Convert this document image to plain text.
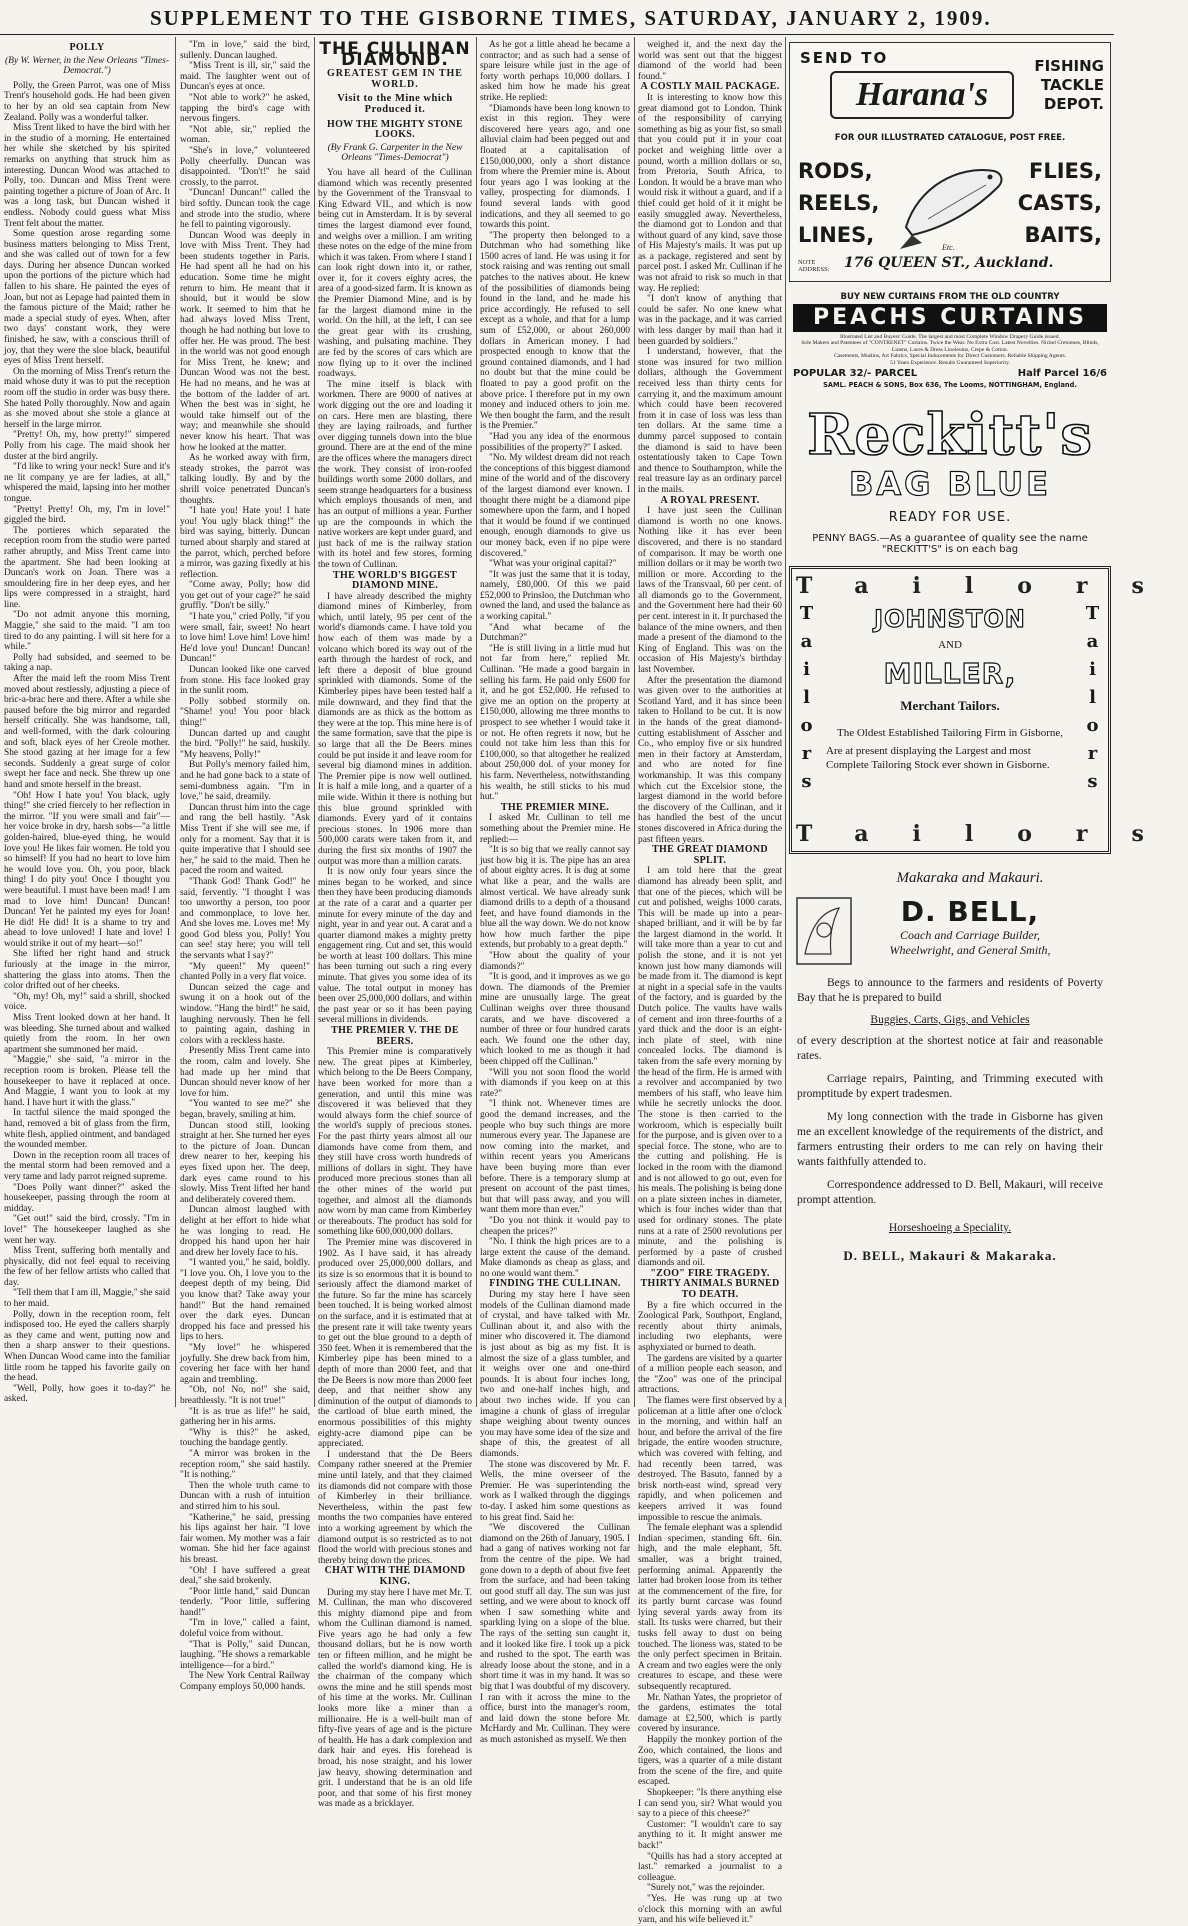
SUPPLEMENT TO THE GISBORNE TIMES, SATURDAY, JANUARY 2, 1909.
POLLY
(By W. Werner, in the New Orleans "Times-Democrat.")

Polly, the Green Parrot, was one of Miss Trent's household gods. He had been given to her by an old sea captain from New Zealand. Polly was a wonderful talker.

Miss Trent liked to have the bird with her in the studio of a morning. He entertained her while she sketched by his spirited remarks on anything that struck him as interesting. Duncan Wood was attached to Polly, too. Duncan and Miss Trent were painting together a picture of Joan of Arc. It was a long task, but Duncan wished it endless. Nobody could guess what Miss Trent felt about the matter.

Some question arose regarding some business matters belonging to Miss Trent, and she was called out of town for a few days. During her absence Duncan worked upon the portions of the picture which had fallen to his share. He painted the eyes of Joan, but not as Lepage had painted them in the famous picture of the Maid; rather he made a special study of eyes. When, after two days' constant work, they were finished, he saw, with a conscious thrill of joy, that they were the sloe black, beautiful eyes of Miss Trent herself.

On the morning of Miss Trent's return the maid whose duty it was to put the reception room off the studio in order was busy there. She hated Polly thoroughly. Now and again as she moved about she stole a glance at herself in the large mirror.

"Pretty! Oh, my, how pretty!" simpered Polly from his cage. The maid shook her duster at the bird angrily.

"I'd like to wring your neck! Sure and it's ne lit company ye are fer ladies, at all," whispered the maid, lapsing into her mother tongue.

"Pretty! Pretty! Oh, my, I'm in love!" giggled the bird.

The portieres which separated the reception room from the studio were parted rather abruptly, and Miss Trent came into the apartment. She had been looking at Duncan's work on Joan. There was a smouldering fire in her deep eyes, and her lips were compressed in a straight, hard line.

"Do not admit anyone this morning, Maggie," she said to the maid. "I am too tired to do any painting. I will sit here for a while."

Polly had subsided, and seemed to be taking a nap.

After the maid left the room Miss Trent moved about restlessly, adjusting a piece of bric-a-brac here and there. After a while she paused before the big mirror and regarded herself critically. She was handsome, tall, and well-formed, with the dark colouring and soft, black eyes of her Creole mother. She stood gazing at her image for a few seconds. Suddenly a great surge of color swept her face and neck. She threw up one hand and smote herself in the breast.

"Oh! How I hate you! You black, ugly thing!" she cried fiercely to her reflection in the mirror. "If you were small and fair"—her voice broke in dry, harsh sobs—"a little golden-haired, blue-eyed thing, he would love you! He likes fair women. He told you so himself! If you had no heart to love him he would love you. Oh, you poor, black thing! I do pity you! Once I thought you were beautiful. I must have been mad! I am mad to love him! Duncan! Duncan! Duncan! Yet he painted my eyes for Joan! He did! He did! It is a shame to try and ahead to love unloved! I hate and love! I would strike it out of my heart—so!"

She lifted her right hand and struck furiously at the image in the mirror, shattering the glass into atoms. Then the color drifted out of her cheeks.

"Oh, my! Oh, my!" said a shrill, shocked voice.

Miss Trent looked down at her hand. It was bleeding. She turned about and walked quietly from the room. In her own apartment she summoned her maid.

"Maggie," she said, "a mirror in the reception room is broken. Please tell the housekeeper to have it replaced at once. And Maggie, I want you to look at my hand. I have hurt it with the glass."

In tactful silence the maid sponged the hand, removed a bit of glass from the firm, white flesh, applied ointment, and bandaged the wounded member.

Down in the reception room all traces of the mental storm had been removed and a very tame and lady parrot reigned supreme.

"Does Polly want dinner?" asked the housekeeper, passing through the room at midday.

"Get out!" said the bird, crossly. "I'm in love!" The housekeeper laughed as she went her way.

Miss Trent, suffering both mentally and physically, did not feel equal to receiving the few of her fellow artists who called that day.

"Tell them that I am ill, Maggie," she said to her maid.

Polly, down in the reception room, felt indisposed too. He eyed the callers sharply as they came and went, putting now and then a sharp answer to their questions. When Duncan Wood came into the familiar little room he tapped his favorite gaily on the head.

"Well, Polly, how goes it to-day?" he asked.

"I'm in love," said the bird, sullenly. Duncan laughed.

"Miss Trent is ill, sir," said the maid. The laughter went out of Duncan's eyes at once.

"Not able to work?" he asked, tapping the bird's cage with nervous fingers.

"Not able, sir," replied the woman.

"She's in love," volunteered Polly cheerfully. Duncan was disappointed. "Don't!" he said crossly, to the parrot.

"Duncan! Duncan!" called the bird softly. Duncan took the cage and strode into the studio, where he fell to painting vigorously.

Duncan Wood was deeply in love with Miss Trent. They had been students together in Paris. He had spent all he had on his education. Some time he might return to him. He meant that it should, but it would be slow work. It seemed to him that he had always loved Miss Trent, though he had nothing but love to offer her. He was proud. The best in the world was not good enough for Miss Trent, he knew; and Duncan Wood was not the best. He had no means, and he was at the bottom of the ladder of art. When the best was in sight, he would take himself out of the way; and meanwhile she should never know his heart. That was how he looked at the matter.

As he worked away with firm, steady strokes, the parrot was talking loudly. By and by the shrill voice penetrated Duncan's thoughts.

"I hate you! Hate you! I hate you! You ugly black thing!" the bird was saying, bitterly. Duncan turned about sharply and stared at the parrot, which, perched before a mirror, was gazing fixedly at his reflection.

"Come away, Polly; how did you get out of your cage?" he said gruffly. "Don't be silly."

"I hate you," cried Polly, "if you were small, fair, sweet! No heart to love him! Love him! Love him! He'd love you! Duncan! Duncan! Duncan!"

Duncan looked like one carved from stone. His face looked gray in the sunlit room.

Polly sobbed stormily on. "Shame! you! You poor black thing!"

Duncan darted up and caught the bird. "Polly!" he said, huskily. "My heavens, Polly!"

But Polly's memory failed him, and he had gone back to a state of semi-dumbness again. "I'm in love," he said, dreamily.

Duncan thrust him into the cage and rang the bell hastily. "Ask Miss Trent if she will see me, if only for a moment. Say that it is quite imperative that I should see her," he said to the maid. Then he paced the room and waited.

"Thank God! Thank God!" he said, fervently. "I thought I was too unworthy a person, too poor and commonplace, to love her. And she loves me. Loves me! My good God bless you, Polly! You can see! stay here; you will tell the servants what I say?"

"My queen!" My queen!" chanted Polly in a very flat voice.

Duncan seized the cage and swung it on a hook out of the window. "Hang the bird!" he said, laughing nervously. Then he fell to painting again, dashing in colors with a reckless haste.

Presently Miss Trent came into the room, calm and lovely. She had made up her mind that Duncan should never know of her love for him.

"You wanted to see me?" she began, bravely, smiling at him.

Duncan stood still, looking straight at her. She turned her eyes to the picture of Joan. Duncan drew nearer to her, keeping his eyes fixed upon her. The deep, dark eyes came round to his slowly. Miss Trent lifted her hand and deliberately covered them.

Duncan almost laughed with delight at her effort to hide what he was longing to read. He dropped his hand upon her hair and drew her lovely face to his.

"I wanted you," he said, boldly. "I love you. Oh, I love you to the deepest depth of my being. Did you know that? Take away your hand!" But the hand remained over the dark eyes. Duncan dropped his face and pressed his lips to hers.

"My love!" he whispered joyfully. She drew back from him, covering her face with her hand again and trembling.

"Oh, no! No, no!" she said, breathlessly. "It is not true!"

"It is as true as life!" he said, gathering her in his arms.

"Why is this?" he asked, touching the bandage gently.

"A mirror was broken in the reception room," she said hastily. "It is nothing."

Then the whole truth came to Duncan with a rush of intuition and stirred him to his soul.

"Katherine," he said, pressing his lips against her hair. "I love fair women. My mother was a fair woman. She hid her face against his breast.

"Oh! I have suffered a great deal," she said brokenly.

"Poor little hand," said Duncan tenderly. "Poor little, suffering hand!"

"I'm in love," called a faint, doleful voice from without.

"That is Polly," said Duncan, laughing. "He shows a remarkable intelligence—for a bird."

The New York Central Railway Company employs 50,000 hands.

THE CULLINAN DIAMOND.
GREATEST GEM IN THE WORLD.
Visit to the Mine which Produced it.
HOW THE MIGHTY STONE LOOKS.
(By Frank G. Carpenter in the New Orleans "Times-Democrat")

You have all heard of the Cullinan diamond which was recently presented by the Government of the Transvaal to King Edward VII., and which is now being cut in Amsterdam. It is by several times the largest diamond ever found, and weighs over a million. I am writing these notes on the edge of the mine from which it was taken. From where I stand I can look right down into it, or rather, over it, for it covers eighty acres, the area of a good-sized farm. It is known as the Premier Diamond Mine, and is by far the largest diamond mine in the world. On the hill, at the left, I can see the great gear with its crushing, washing, and pulsating machine. They are fed by the scores of cars which are now flying up to it over the inclined roadways.

The mine itself is black with workmen. There are 9000 of natives at work digging out the ore and loading it on cars. Here men are blasting, there they are laying railroads, and further over digging tunnels down into the blue ground. There are at the end of the mine are the offices where the managers direct the work. They consist of iron-roofed buildings worth some 2000 dollars, and seem strange headquarters for a business which employs thousands of men, and has an output of millions a year. Further up are the compounds in which the native workers are kept under guard, and just back of me is the railway station with its hotel and few stores, forming the town of Cullinan.

THE WORLD'S BIGGEST DIAMOND MINE.

I have already described the mighty diamond mines of Kimberley, from which, until lately, 95 per cent of the world's diamonds came. I have told you how each of them was made by a volcano which bored its way out of the earth through the hardest of rock, and left there a deposit of blue ground sprinkled with diamonds. Some of the Kimberley pipes have been tested half a mile downward, and they find that the diamonds are as thick as the bottom as they were at the top. This mine here is of the same formation, save that the pipe is so large that all the De Beers mines could be put inside it and leave room for several big diamond mines in addition. The Premier pipe is now well outlined. It is half a mile long, and a quarter of a mile wide. Within it there is nothing but this blue ground sprinkled with diamonds. Every yard of it contains precious stones. In 1906 more than 500,000 carats were taken from it, and during the first six months of 1907 the output was more than a million carats.

It is now only four years since the mines began to be worked, and since then they have been producing diamonds at the rate of a carat and a quarter per minute for every minute of the day and night, year in and year out. A carat and a quarter diamond makes a mighty pretty engagement ring. Cut and set, this would be worth at least 100 dollars. This mine has been turning out such a ring every minute. That gives you some idea of its value. The total output in money has been over 25,000,000 dollars, and within the past year or so it has been paying several millions in dividends.

THE PREMIER V. THE DE BEERS.

This Premier mine is comparatively new. The great pipes at Kimberley, which belong to the De Beers Company, have been worked for more than a generation, and until this mine was discovered it was believed that they would always form the chief source of the world's supply of precious stones. For the past thirty years almost all our diamonds have come from them, and they still have cross worth hundreds of millions of dollars in sight. They have produced more precious stones than all the other mines of the world put together, and almost all the diamonds now worn by man came from Kimberley or thereabouts. The product has sold for something like 600,000,000 dollars.

The Premier mine was discovered in 1902. As I have said, it has already produced over 25,000,000 dollars, and its size is so enormous that it is bound to seriously affect the diamond market of the future. So far the mine has scarcely been touched. It is being worked almost on the surface, and it is estimated that at the present rate it will take twenty years to get out the blue ground to a depth of 350 feet. When it is remembered that the Kimberley pipe has been mined to a depth of more than 2000 feet, and that the De Beers is now more than 2000 feet deep, and that neither show any diminution of the output of diamonds to the cartload of blue earth mined, the enormous possibilities of this mighty eighty-acre diamond pipe can be appreciated.

I understand that the De Beers Company rather sneered at the Premier mine until lately, and that they claimed its diamonds did not compare with those of Kimberley in their brilliance. Nevertheless, within the past few months the two companies have entered into a working agreement by which the diamond output is so restricted as to not flood the world with precious stones and thereby bring down the prices.

CHAT WITH THE DIAMOND KING.

During my stay here I have met Mr. T. M. Cullinan, the man who discovered this mighty diamond pipe and from whom the Cullinan diamond is named. Five years ago he had only a few thousand dollars, but he is now worth ten or fifteen million, and he might be called the world's diamond king. He is the chairman of the company which owns the mine and he still spends most of his time at the works. Mr. Cullinan looks more like a miner than a millionaire. He is a well-built man of fifty-five years of age and is the picture of health. He has a dark complexion and dark hair and eyes. His forehead is broad, his nose straight, and his lower jaw heavy, showing determination and grit. I understand that he is an old life poor, and that some of his first money was made as a bricklayer.

As he got a little ahead he became a contractor; and as such had a sense of spare leisure while just in the age of forty worth perhaps 10,000 dollars. I asked him how he made his great strike. He replied:

"Diamonds have been long known to exist in this region. They were discovered here years ago, and one alluvial claim had been pegged out and floated at a capitalisation of £150,000,000, only a short distance from where the Premier mine is. About four years ago I was looking at the valley, prospecting for diamonds. I found several lands with good indications, and they all seemed to go towards this point.

"The property then belonged to a Dutchman who had something like 1500 acres of land. He was using it for stock raising and was renting out small patches to the natives about. He knew of the possibilities of diamonds being found in the land, and he made his price accordingly. He refused to sell except as a whole, and that for a lump sum of £52,000, or about 260,000 dollars in American money. I had prospected enough to know that the ground contained diamonds, and I had no doubt but that the mine could be floated to pay a good profit on the above price. I therefore put in my own money and induced others to join me. We then bought the farm, and the result is the Premier."

"Had you any idea of the enormous possibilities of the property?" I asked.

"No. My wildest dream did not reach the conceptions of this biggest diamond mine of the world and of the discovery of the largest diamond ever known. I thought there might be a diamond pipe somewhere upon the farm, and I hoped that it would be found if we continued enough, enough diamonds to give us our money back, even if no pipe were discovered."

"What was your original capital?"

"It was just the same that it is today, namely, £80,000. Of this we paid £52,000 to Prinsloo, the Dutchman who owned the land, and used the balance as a working capital."

"And what became of the Dutchman?"

"He is still living in a little mud hut not far from here," replied Mr. Cullinan. "He made a good bargain in selling his farm. He paid only £600 for it, and he got £52,000. He refused to give me an option on the property at £150,000, allowing me three months to prospect to see whether I would take it or not. He often regrets it now, but he could not take him less than this for £100,000, so that altogether he realized about 250,000 dol. of your money for his farm. Nevertheless, notwithstanding his wealth, he still sticks to his mud hut."

THE PREMIER MINE.

I asked Mr. Cullinan to tell me something about the Premier mine. He replied:—

"It is so big that we really cannot say just how big it is. The pipe has an area of about eighty acres. It is dug at some what like a pear, and the walls are almost vertical. We have already sunk diamond drills to a depth of a thousand feet, and have found diamonds in the blue all the way down. We do not know how how much farther the pipe extends, but probably to a great depth."

"How about the quality of your diamonds?"

"It is good, and it improves as we go down. The diamonds of the Premier mine are unusually large. The great Cullinan weighs over three thousand carats, and we have discovered a number of three or four hundred carats each. We found one the other day, which looked to me as though it had been chipped off the Cullinan."

"Will you not soon flood the world with diamonds if you keep on at this rate?"

"I think not. Whenever times are good the demand increases, and the people who buy such things are more numerous every year. The Japanese are now coming into the market, and within recent years you Americans have been buying more than ever before. There is a temporary slump at present on account of the past times, but that will pass away, and you will want them more than ever."

"Do you not think it would pay to cheapen the prices?"

"No. I think the high prices are to a large extent the cause of the demand. Make diamonds as cheap as glass, and no one would want them."

FINDING THE CULLINAN.

During my stay here I have seen models of the Cullinan diamond made of crystal, and have talked with Mr. Cullinan about it, and also with the miner who discovered it. The diamond is just about as big as my fist. It is almost the size of a glass tumbler, and it weighs over one and one-third pounds. It is about four inches long, two and one-half inches high, and about two inches wide. If you can imagine a chunk of glass of irregular shape weighing about twenty ounces you may have some idea of the size and shape of this, the greatest of all diamonds.

The stone was discovered by Mr. F. Wells, the mine overseer of the Premier. He was superintending the work as I walked through the diggings to-day. I asked him some questions as to his great find. Said he:

"We discovered the Cullinan diamond on the 26th of January, 1905. I had a gang of natives working not far from the centre of the pipe. We had gone down to a depth of about five feet from the surface, and had been taking out good stuff all day. The sun was just setting, and we were about to knock off when I saw something white and sparkling lying on a slope of the blue. The rays of the setting sun caught it, and it looked like fire. I took up a pick and rushed to the spot. The earth was already loose about the stone, and in a short time it was in my hand. It was so big that I was doubtful of my discovery. I ran with it across the mine to the office, burst into the manager's room, and laid down the stone before Mr. McHardy and Mr. Cullinan. They were as much astonished as myself. We then

weighed it, and the next day the world was sent out that the biggest diamond of the world had been found."

A COSTLY MAIL PACKAGE.

It is interesting to know how this great diamond got to London. Think of the responsibility of carrying something as big as your fist, so small that you could put it in your coat pocket and weighing little over a pound, worth a million dollars or so, from Pretoria, South Africa, to London. It would be a brave man who would risk it without a guard, and if a thief could get hold of it it might be easily smuggled away. Nevertheless, the diamond got to London and that without guard of any kind, save those of His Majesty's mails. It was put up as a package, registered and sent by parcel post. I asked Mr. Cullinan if he was not afraid to risk so much in that way. He replied:

"I don't know of anything that could be safer. No one knew what was in the package, and it was carried with less danger by mail than had it been guarded by soldiers."

I understand, however, that the stone was insured for two million dollars, although the Government received less than thirty cents for carrying it, and the maximum amount which could have been recovered from it in case of loss was less than ten dollars. At the same time a dummy parcel supposed to contain the diamond is said to have been ostentatiously taken to Cape Town and thence to Southampton, while the real treasure lay as an ordinary parcel in the mails.

A ROYAL PRESENT.

I have just seen the Cullinan diamond is worth no one knows. Nothing like it has ever been discovered, and there is no standard of comparison. It may be worth one million dollars or it may be worth two million or more. According to the laws of the Transvaal, 60 per cent. of all diamonds go to the Government, and the Government here had their 60 per cent. interest in it. It purchased the balance of the mine owners, and then made a present of the diamond to the King of England. This was on the occasion of His Majesty's birthday last November.

After the presentation the diamond was given over to the authorities at Scotland Yard, and it has since been taken to Holland to be cut. It is now in the hands of the great diamond-cutting establishment of Asscher and Co., who employ five or six hundred men in their factory at Amsterdam, and who are noted for fine workmanship. It was this company which cut the Excelsior stone, the largest diamond in the world before the discovery of the Cullinan, and it has handled the best of the uncut stones discovered in Africa during the past fifteen years.

THE GREAT DIAMOND SPLIT.

I am told here that the great diamond has already been split, and that one of the pieces, which will be cut and polished, weighs 1000 carats. This will be made up into a pear-shaped brilliant, and it will be by far the largest diamond in the world. It will take more than a year to cut and polish the stone, and it is not yet known just how many diamonds will be made from it. The diamond is kept at night in a special safe in the vaults of the factory, and is guarded by the Dutch police. The vaults have walls of cement and iron three-fourths of a yard thick and the door is an eight-inch plate of steel, with nine concealed locks. The diamond is taken from the safe every morning by the head of the firm. He is armed with a revolver and accompanied by two members of his staff, who leave him while he secretly unlocks the door. The stone is then carried to the workroom, which is especially built for the purpose, and is given over to a special force. The stone, who are to the cutting and polishing. He is locked in the room with the diamond and is not allowed to go out, even for his meals. The polishing is being done on a plate sixteen inches in diameter, which is four inches wider than that used for ordinary stones. The plate runs at a rate of 2500 revolutions per minute, and the polishing is performed by a paste of crushed diamonds and oil.

"ZOO" FIRE TRAGEDY.

THIRTY ANIMALS BURNED TO DEATH.

By a fire which occurred in the Zoological Park, Southport, England, recently about thirty animals, including two elephants, were asphyxiated or burned to death.

The gardens are visited by a quarter of a million people each season, and the "Zoo" was one of the principal attractions.

The flames were first observed by a policeman at a little after one o'clock in the morning, and within half an hour, and before the arrival of the fire brigade, the entire wooden structure, which was covered with felting, and had recently been tarred, was destroyed. The Basuto, fanned by a brisk north-east wind, spread very rapidly, and when policemen and keepers arrived it was found impossible to rescue the animals.

The female elephant was a splendid Indian specimen, standing 6ft. 6in. high, and the male elephant, 5ft. smaller, was a bright trained, performing animal. Apparently the latter had broken loose from its tether at the commencement of the fire, for its partly burnt carcase was found lying several yards away from its stall. Its tusks were charred, but their tusks fell away to dust on being touched. The lioness was, stated to be the only perfect specimen in Britain. A cream and two eagles were the only creatures to escape, and these were subsequently recaptured.

Mr. Nathan Yates, the proprietor of the gardens, estimates the total damage at £2,500, which is partly covered by insurance.

Happily the monkey portion of the Zoo, which contained, the lions and tigers, was a quarter of a mile distant from the scene of the fire, and quite escaped.

Shopkeeper: "Is there anything else I can send you, sir? What would you say to a piece of this cheese?"

Customer: "I wouldn't care to say anything to it. It might answer me back!"

"Quills has had a story accepted at last." remarked a journalist to a colleague.

"Surely not," was the rejoinder.

"Yes. He was rung up at two o'clock this morning with an awful yarn, and his wife believed it."

SEND TO
Harana's
FISHING TACKLE DEPOT.
FOR OUR ILLUSTRATED CATALOGUE, POST FREE.
RODS,
REELS,
LINES,
FLIES,
CASTS,
BAITS,
Etc.
NOTE ADDRESS:	176 QUEEN ST., Auckland.
BUY NEW CURTAINS FROM THE OLD COUNTRY
PEACHS CURTAINS
Illustrated List and Buyers' Guide. The largest and most Complete Window Drapery Guide issued.
Sole Makers and Patentees of "CONTRENET" Curtains. Twice the Wear. No Extra Cost. Latest Novelties. Nickel Cretonnes, Blinds, Linens, Laces & Dress Linoleums, Crepe & Cotton.
Casements, Muslins, Art Fabrics, Special Inducements for Direct Customers. Reliable Shipping Agents.
51 Years Experience. Results Guaranteed Superiority.
POPULAR 32/- PARCEL	Half Parcel 16/6
SAML. PEACH & SONS, Box 636, The Looms, NOTTINGHAM, England.
Reckitt's
BAG BLUE
READY FOR USE.
PENNY BAGS.—As a guarantee of quality see the name "RECKITT'S" is on each bag
Tailors
Tailors	Tailors
Tailors
JOHNSTON
AND
MILLER,
Merchant Tailors.
The Oldest Established Tailoring Firm in Gisborne,
Are at present displaying the Largest and most Complete Tailoring Stock ever shown in Gisborne.
Makaraka and Makauri.
D. BELL,
Coach and Carriage Builder,
Wheelwright, and General Smith,
Begs to announce to the farmers and residents of Poverty Bay that he is prepared to build
Buggies, Carts, Gigs, and Vehicles
of every description at the shortest notice at fair and reasonable rates.
Carriage repairs, Painting, and Trimming executed with promptitude by expert tradesmen.
My long connection with the trade in Gisborne has given me an excellent knowledge of the requirements of the district, and farmers entrusting their orders to me can rely on having their wants faithfully attended to.
Correspondence addressed to D. Bell, Makauri, will receive prompt attention.
Horseshoeing a Speciality.
D. BELL, Makauri & Makaraka.
